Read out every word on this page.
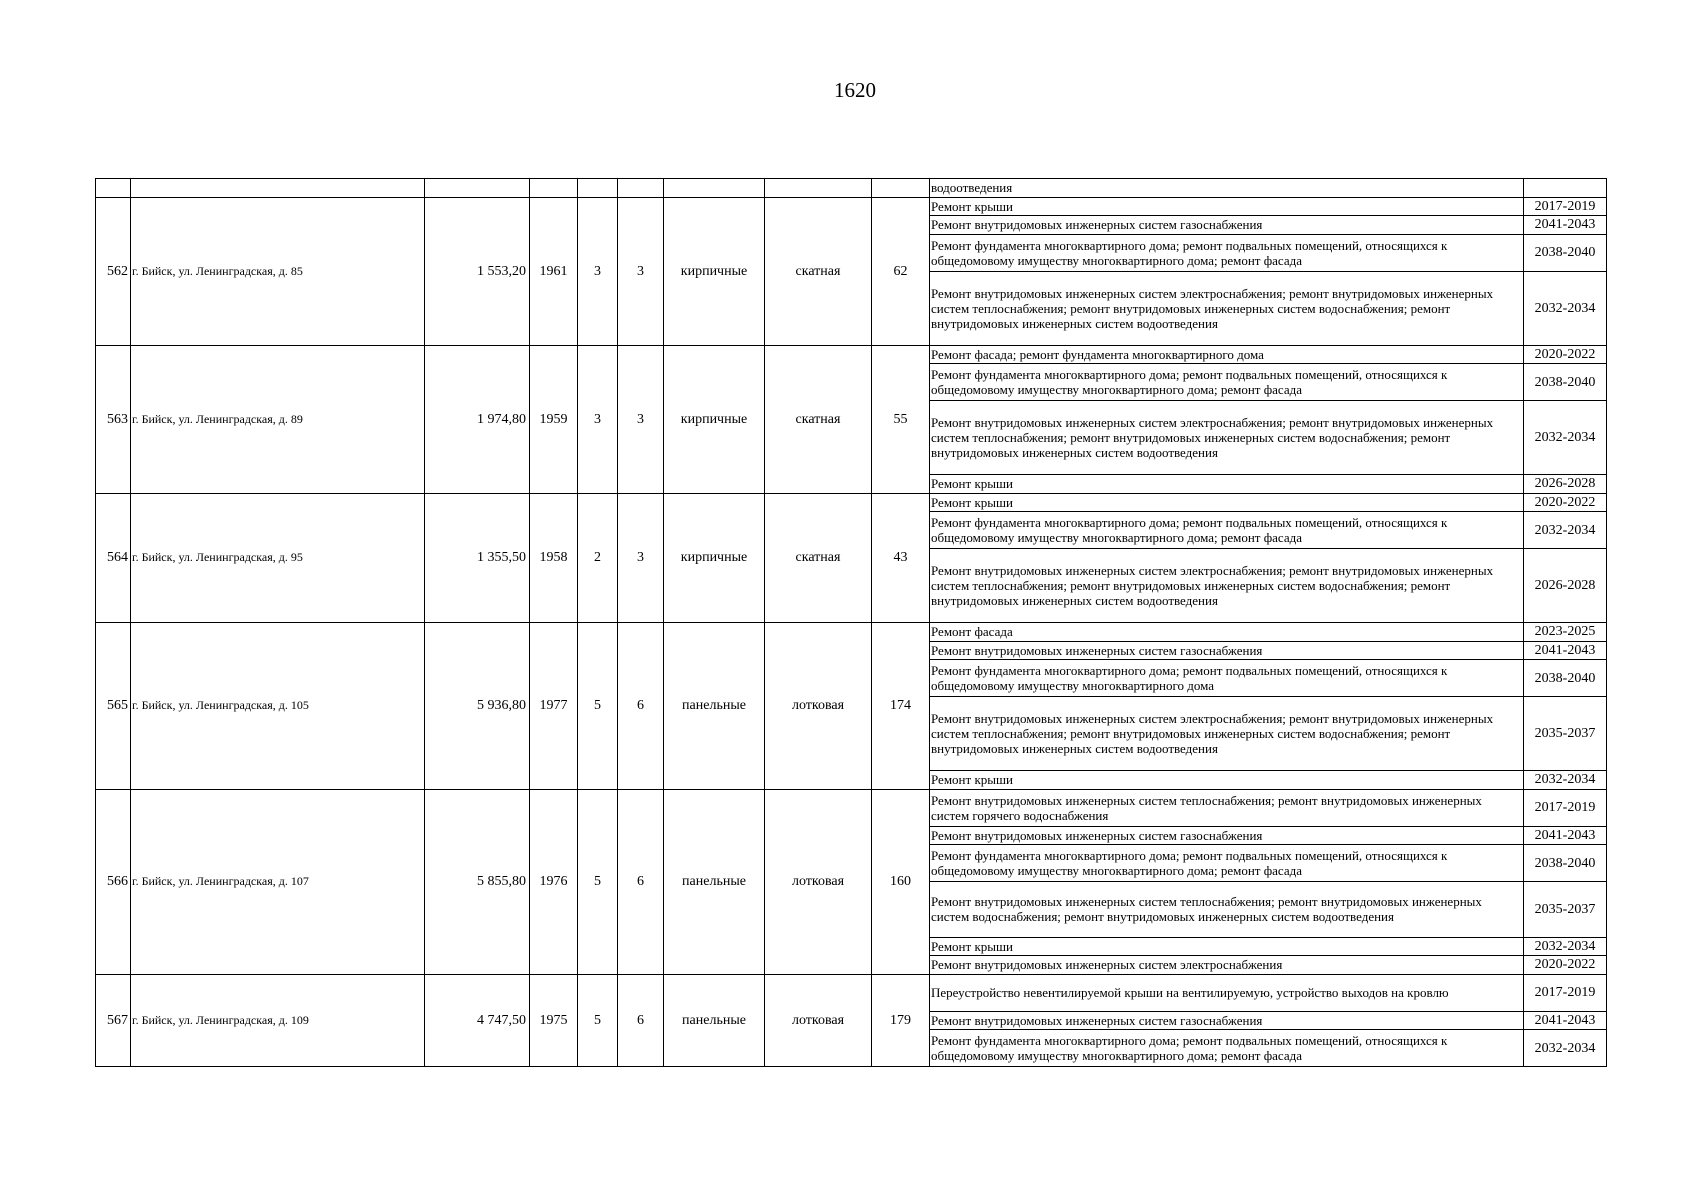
1620
									водоотведения	
562	г. Бийск, ул. Ленинградская, д. 85	1 553,20	1961	3	3	кирпичные	скатная	62	Ремонт крыши	2017-2019
									Ремонт внутридомовых инженерных систем газоснабжения	2041-2043
									Ремонт фундамента многоквартирного дома; ремонт подвальных помещений, относящихся к общедомовому имуществу многоквартирного дома; ремонт фасада	2038-2040
									Ремонт внутридомовых инженерных систем электроснабжения; ремонт внутридомовых инженерных систем теплоснабжения; ремонт внутридомовых инженерных систем водоснабжения; ремонт внутридомовых инженерных систем водоотведения	2032-2034
563	г. Бийск, ул. Ленинградская, д. 89	1 974,80	1959	3	3	кирпичные	скатная	55	Ремонт фасада; ремонт фундамента многоквартирного дома	2020-2022
									Ремонт фундамента многоквартирного дома; ремонт подвальных помещений, относящихся к общедомовому имуществу многоквартирного дома; ремонт фасада	2038-2040
									Ремонт внутридомовых инженерных систем электроснабжения; ремонт внутридомовых инженерных систем теплоснабжения; ремонт внутридомовых инженерных систем водоснабжения; ремонт внутридомовых инженерных систем водоотведения	2032-2034
									Ремонт крыши	2026-2028
564	г. Бийск, ул. Ленинградская, д. 95	1 355,50	1958	2	3	кирпичные	скатная	43	Ремонт крыши	2020-2022
									Ремонт фундамента многоквартирного дома; ремонт подвальных помещений, относящихся к общедомовому имуществу многоквартирного дома; ремонт фасада	2032-2034
									Ремонт внутридомовых инженерных систем электроснабжения; ремонт внутридомовых инженерных систем теплоснабжения; ремонт внутридомовых инженерных систем водоснабжения; ремонт внутридомовых инженерных систем водоотведения	2026-2028
565	г. Бийск, ул. Ленинградская, д. 105	5 936,80	1977	5	6	панельные	лотковая	174	Ремонт фасада	2023-2025
									Ремонт внутридомовых инженерных систем газоснабжения	2041-2043
									Ремонт фундамента многоквартирного дома; ремонт подвальных помещений, относящихся к общедомовому имуществу многоквартирного дома	2038-2040
									Ремонт внутридомовых инженерных систем электроснабжения; ремонт внутридомовых инженерных систем теплоснабжения; ремонт внутридомовых инженерных систем водоснабжения; ремонт внутридомовых инженерных систем водоотведения	2035-2037
									Ремонт крыши	2032-2034
566	г. Бийск, ул. Ленинградская, д. 107	5 855,80	1976	5	6	панельные	лотковая	160	Ремонт внутридомовых инженерных систем теплоснабжения; ремонт внутридомовых инженерных систем горячего водоснабжения	2017-2019
									Ремонт внутридомовых инженерных систем газоснабжения	2041-2043
									Ремонт фундамента многоквартирного дома; ремонт подвальных помещений, относящихся к общедомовому имуществу многоквартирного дома; ремонт фасада	2038-2040
									Ремонт внутридомовых инженерных систем теплоснабжения; ремонт внутридомовых инженерных систем водоснабжения; ремонт внутридомовых инженерных систем водоотведения	2035-2037
									Ремонт крыши	2032-2034
									Ремонт внутридомовых инженерных систем электроснабжения	2020-2022
567	г. Бийск, ул. Ленинградская, д. 109	4 747,50	1975	5	6	панельные	лотковая	179	Переустройство невентилируемой крыши на вентилируемую, устройство выходов на кровлю	2017-2019
									Ремонт внутридомовых инженерных систем газоснабжения	2041-2043
									Ремонт фундамента многоквартирного дома; ремонт подвальных помещений, относящихся к общедомовому имуществу многоквартирного дома; ремонт фасада	2032-2034
